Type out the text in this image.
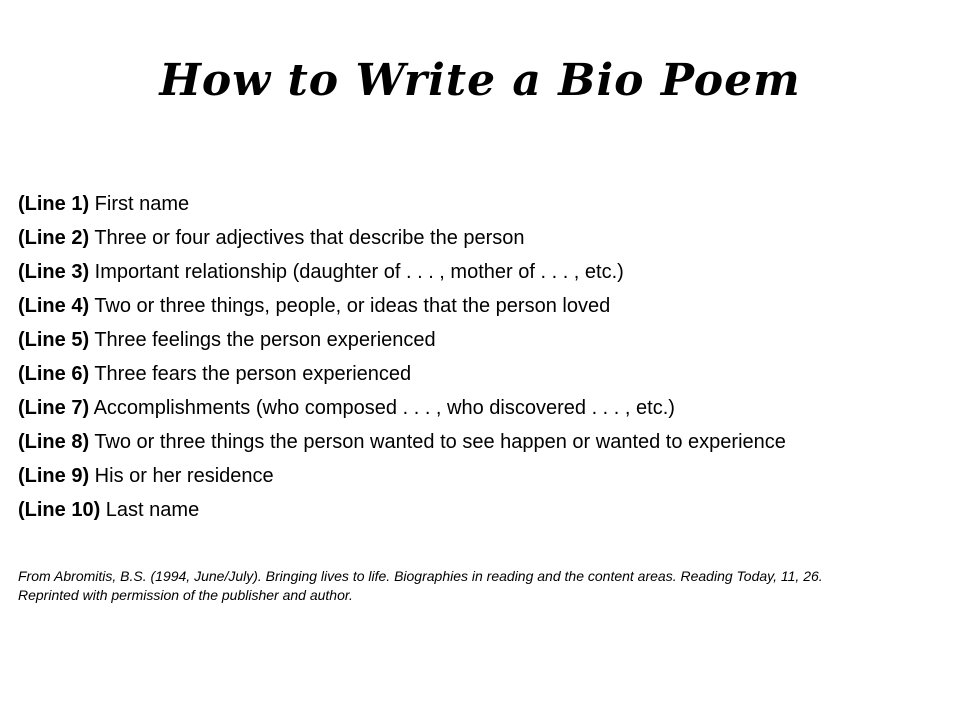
How to Write a Bio Poem
(Line 1) First name
(Line 2) Three or four adjectives that describe the person
(Line 3) Important relationship (daughter of . . . , mother of . . . , etc.)
(Line 4) Two or three things, people, or ideas that the person loved
(Line 5) Three feelings the person experienced
(Line 6) Three fears the person experienced
(Line 7) Accomplishments (who composed . . . , who discovered . . . , etc.)
(Line 8) Two or three things the person wanted to see happen or wanted to experience
(Line 9) His or her residence
(Line 10) Last name

From Abromitis, B.S. (1994, June/July). Bringing lives to life. Biographies in reading and the content areas. Reading Today, 11, 26.

Reprinted with permission of the publisher and author.
